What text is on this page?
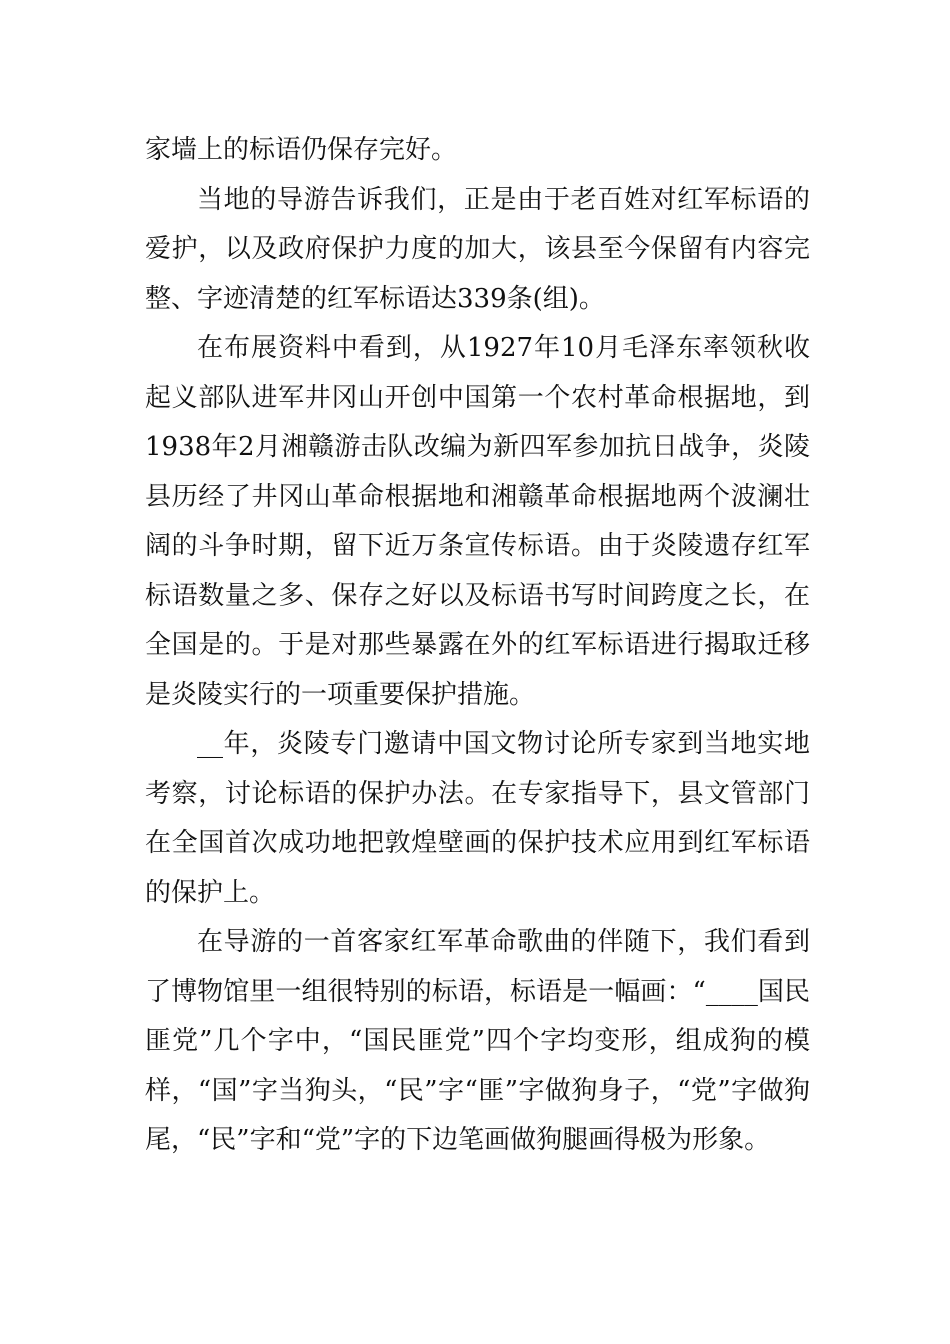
家墙上的标语仍保存完好。

当地的导游告诉我们，正是由于老百姓对红军标语的爱护，以及政府保护力度的加大，该县至今保留有内容完整、字迹清楚的红军标语达339条(组)。

在布展资料中看到，从1927年10月毛泽东率领秋收起义部队进军井冈山开创中国第一个农村革命根据地，到1938年2月湘赣游击队改编为新四军参加抗日战争，炎陵县历经了井冈山革命根据地和湘赣革命根据地两个波澜壮阔的斗争时期，留下近万条宣传标语。由于炎陵遗存红军标语数量之多、保存之好以及标语书写时间跨度之长，在全国是的。于是对那些暴露在外的红军标语进行揭取迁移是炎陵实行的一项重要保护措施。

__年，炎陵专门邀请中国文物讨论所专家到当地实地考察，讨论标语的保护办法。在专家指导下，县文管部门在全国首次成功地把敦煌壁画的保护技术应用到红军标语的保护上。

在导游的一首客家红军革命歌曲的伴随下，我们看到了博物馆里一组很特别的标语，标语是一幅画：“____国民匪党”几个字中，“国民匪党”四个字均变形，组成狗的模样，“国”字当狗头，“民”字“匪”字做狗身子，“党”字做狗尾，“民”字和“党”字的下边笔画做狗腿画得极为形象。
